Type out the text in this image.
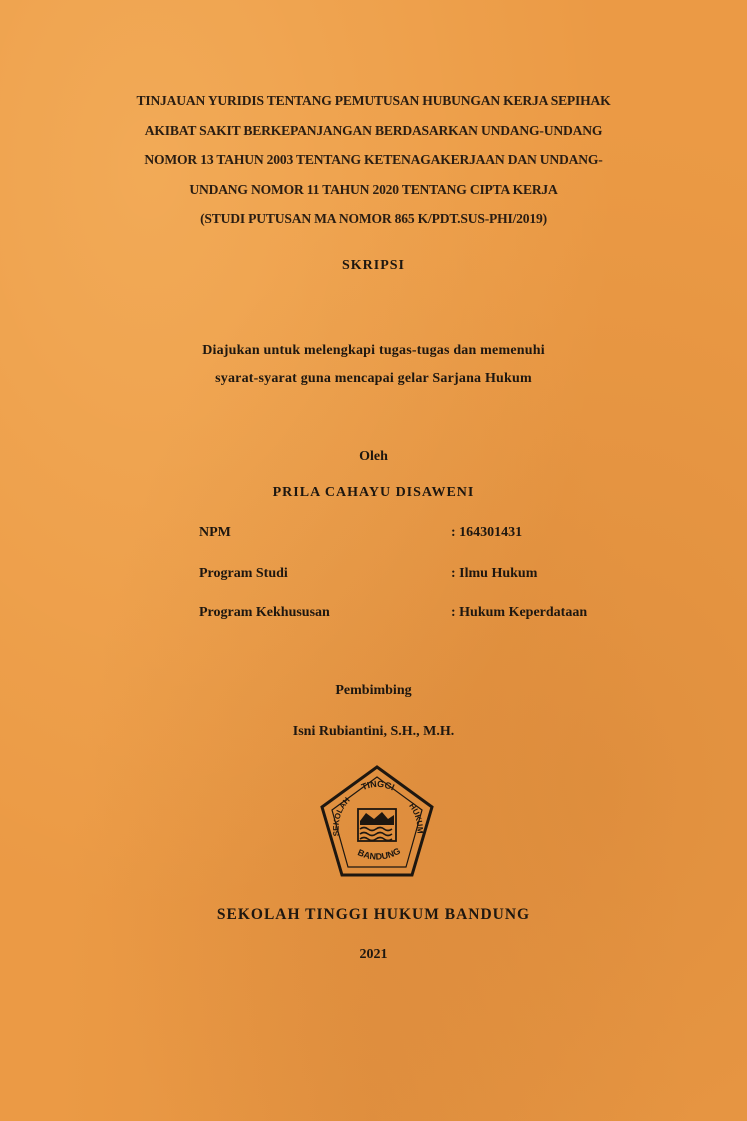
TINJAUAN YURIDIS TENTANG PEMUTUSAN HUBUNGAN KERJA SEPIHAK
AKIBAT SAKIT BERKEPANJANGAN BERDASARKAN UNDANG-UNDANG
NOMOR 13 TAHUN 2003 TENTANG KETENAGAKERJAAN DAN UNDANG-
UNDANG NOMOR 11 TAHUN 2020 TENTANG CIPTA KERJA
(STUDI PUTUSAN MA NOMOR 865 K/PDT.SUS-PHI/2019)
SKRIPSI
Diajukan untuk melengkapi tugas-tugas dan memenuhi
syarat-syarat guna mencapai gelar Sarjana Hukum
Oleh
PRILA CAHAYU DISAWENI
NPM	: 164301431
Program Studi	: Ilmu Hukum
Program Kekhususan	: Hukum Keperdataan
Pembimbing
Isni Rubiantini, S.H., M.H.
TINGGI
SEKOLAH
HUKUM
BANDUNG
SEKOLAH TINGGI HUKUM BANDUNG
2021
